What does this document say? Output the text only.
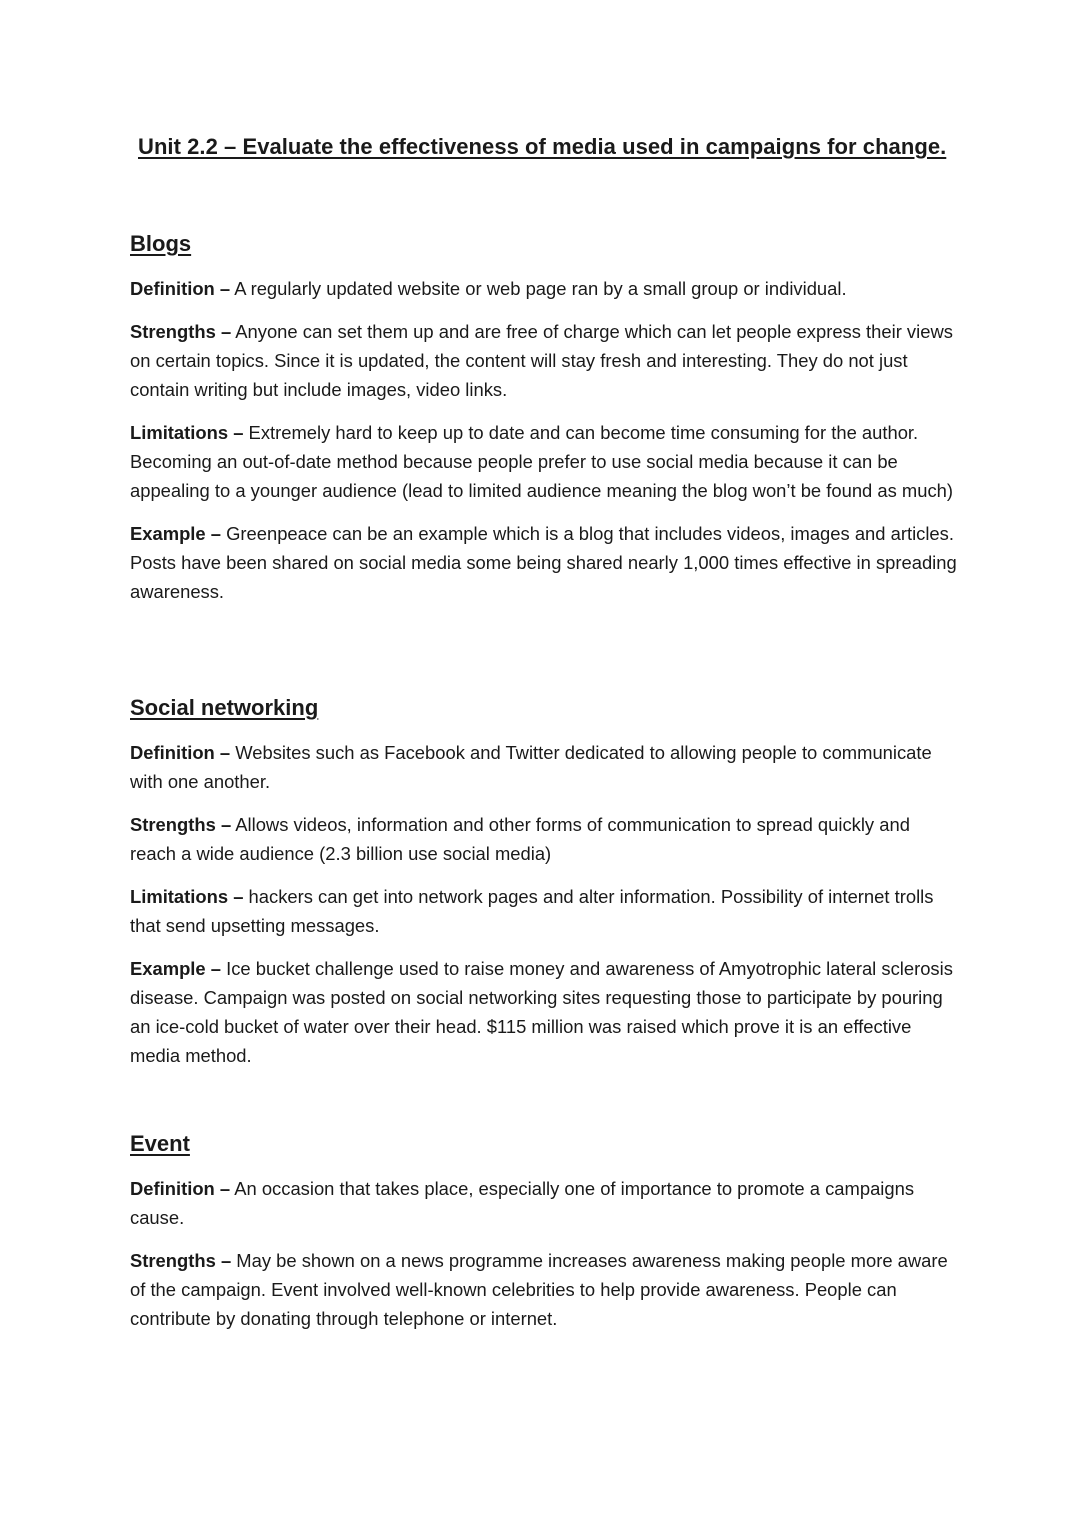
Unit 2.2 – Evaluate the effectiveness of media used in campaigns for change.
Blogs

Definition – A regularly updated website or web page ran by a small group or individual.

Strengths – Anyone can set them up and are free of charge which can let people express their views on certain topics. Since it is updated, the content will stay fresh and interesting. They do not just contain writing but include images, video links.

Limitations – Extremely hard to keep up to date and can become time consuming for the author. Becoming an out-of-date method because people prefer to use social media because it can be appealing to a younger audience (lead to limited audience meaning the blog won’t be found as much)

Example – Greenpeace can be an example which is a blog that includes videos, images and articles. Posts have been shared on social media some being shared nearly 1,000 times effective in spreading awareness.

Social networking

Definition – Websites such as Facebook and Twitter dedicated to allowing people to communicate with one another.

Strengths – Allows videos, information and other forms of communication to spread quickly and reach a wide audience (2.3 billion use social media)

Limitations – hackers can get into network pages and alter information. Possibility of internet trolls that send upsetting messages.

Example – Ice bucket challenge used to raise money and awareness of Amyotrophic lateral sclerosis disease. Campaign was posted on social networking sites requesting those to participate by pouring an ice-cold bucket of water over their head. $115 million was raised which prove it is an effective media method.

Event

Definition – An occasion that takes place, especially one of importance to promote a campaigns cause.

Strengths – May be shown on a news programme increases awareness making people more aware of the campaign. Event involved well-known celebrities to help provide awareness. People can contribute by donating through telephone or internet.
